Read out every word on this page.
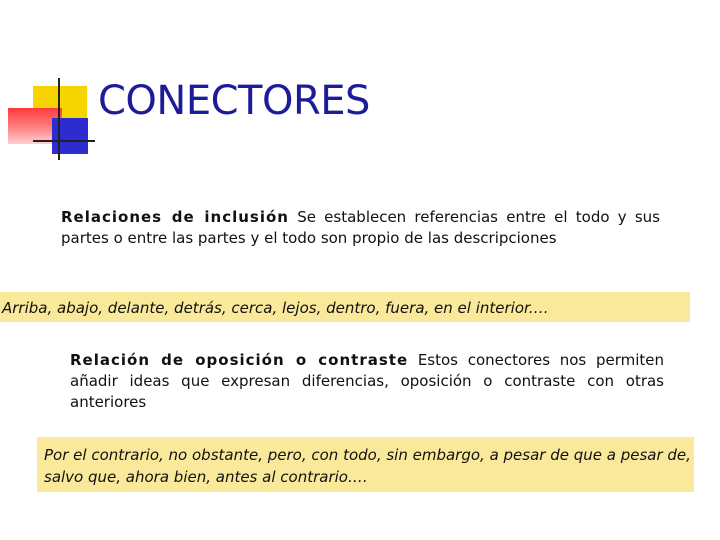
CONECTORES
Relaciones de inclusión Se establecen referencias entre el todo y sus partes o entre las partes y el todo son propio de las descripciones
Arriba, abajo, delante, detrás, cerca, lejos, dentro, fuera, en el interior.…
Relación de oposición o contraste Estos conectores nos permiten añadir ideas que expresan diferencias, oposición o contraste con otras anteriores
Por el contrario, no obstante, pero, con todo, sin embargo, a pesar de que a pesar de, salvo que, ahora bien, antes al contrario.…
